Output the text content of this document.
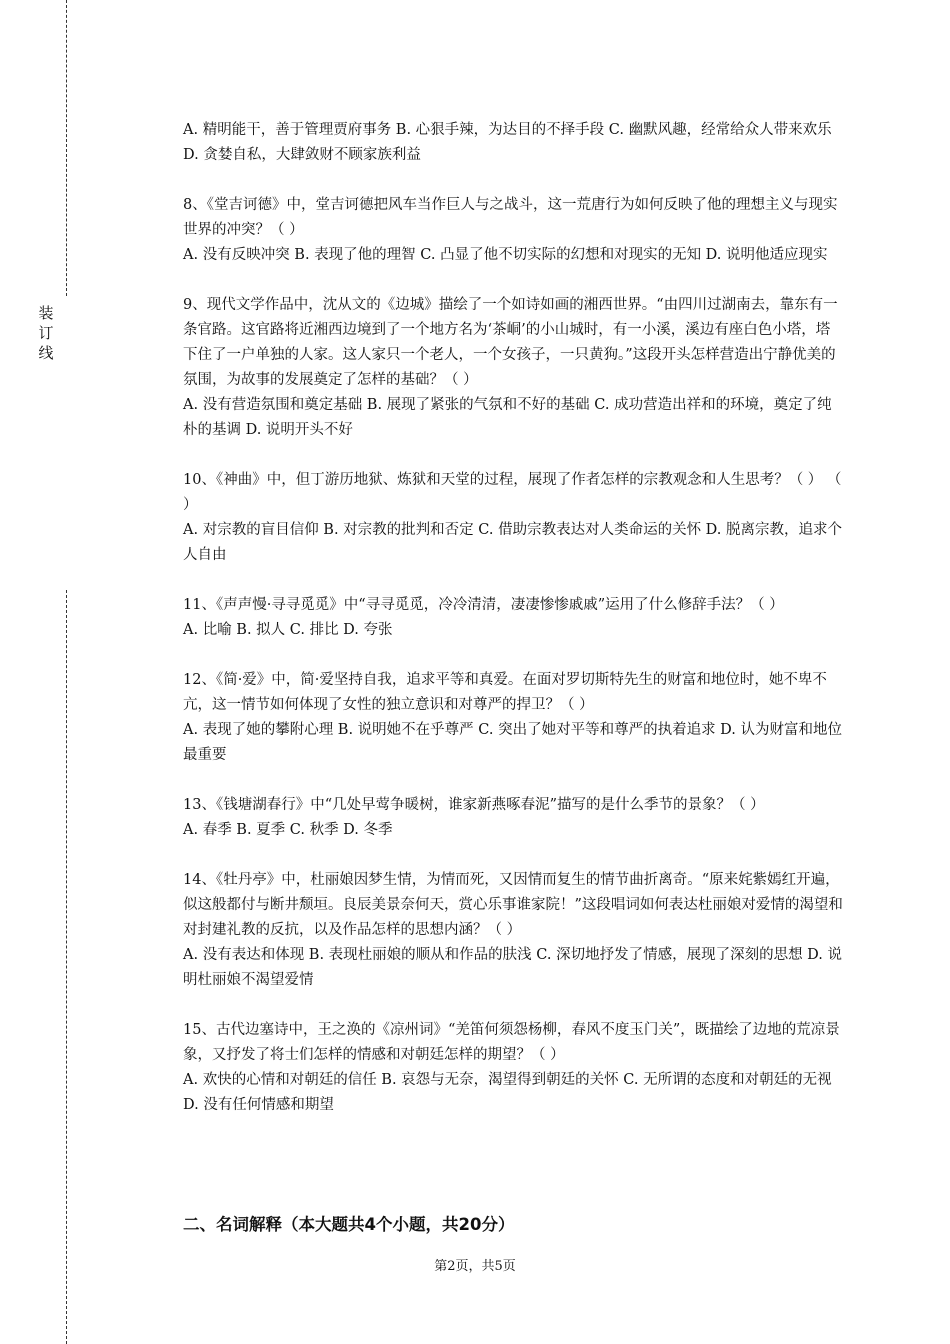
装订线

A. 精明能干，善于管理贾府事务 B. 心狠手辣，为达目的不择手段 C. 幽默风趣，经常给众人带来欢乐 D. 贪婪自私，大肆敛财不顾家族利益

8、《堂吉诃德》中，堂吉诃德把风车当作巨人与之战斗，这一荒唐行为如何反映了他的理想主义与现实世界的冲突？（ ）

A. 没有反映冲突 B. 表现了他的理智 C. 凸显了他不切实际的幻想和对现实的无知 D. 说明他适应现实

9、现代文学作品中，沈从文的《边城》描绘了一个如诗如画的湘西世界。“由四川过湖南去，靠东有一条官路。这官路将近湘西边境到了一个地方名为‘茶峒’的小山城时，有一小溪，溪边有座白色小塔，塔下住了一户单独的人家。这人家只一个老人，一个女孩子，一只黄狗。”这段开头怎样营造出宁静优美的氛围，为故事的发展奠定了怎样的基础？（ ）

A. 没有营造氛围和奠定基础 B. 展现了紧张的气氛和不好的基础 C. 成功营造出祥和的环境，奠定了纯朴的基调 D. 说明开头不好

10、《神曲》中，但丁游历地狱、炼狱和天堂的过程，展现了作者怎样的宗教观念和人生思考？（ ） （ ）

A. 对宗教的盲目信仰 B. 对宗教的批判和否定 C. 借助宗教表达对人类命运的关怀 D. 脱离宗教，追求个人自由

11、《声声慢·寻寻觅觅》中“寻寻觅觅，冷冷清清，凄凄惨惨戚戚”运用了什么修辞手法？（ ）

A. 比喻 B. 拟人 C. 排比 D. 夸张

12、《简·爱》中，简·爱坚持自我，追求平等和真爱。在面对罗切斯特先生的财富和地位时，她不卑不亢，这一情节如何体现了女性的独立意识和对尊严的捍卫？（ ）

A. 表现了她的攀附心理 B. 说明她不在乎尊严 C. 突出了她对平等和尊严的执着追求 D. 认为财富和地位最重要

13、《钱塘湖春行》中“几处早莺争暖树，谁家新燕啄春泥”描写的是什么季节的景象？（ ）

A. 春季 B. 夏季 C. 秋季 D. 冬季

14、《牡丹亭》中，杜丽娘因梦生情，为情而死，又因情而复生的情节曲折离奇。“原来姹紫嫣红开遍，似这般都付与断井颓垣。良辰美景奈何天，赏心乐事谁家院！”这段唱词如何表达杜丽娘对爱情的渴望和对封建礼教的反抗，以及作品怎样的思想内涵？（ ）

A. 没有表达和体现 B. 表现杜丽娘的顺从和作品的肤浅 C. 深切地抒发了情感，展现了深刻的思想 D. 说明杜丽娘不渴望爱情

15、古代边塞诗中，王之涣的《凉州词》“羌笛何须怨杨柳，春风不度玉门关”，既描绘了边地的荒凉景象，又抒发了将士们怎样的情感和对朝廷怎样的期望？（ ）

A. 欢快的心情和对朝廷的信任 B. 哀怨与无奈，渴望得到朝廷的关怀 C. 无所谓的态度和对朝廷的无视 D. 没有任何情感和期望

二、名词解释（本大题共4个小题，共20分）
第2页，共5页
